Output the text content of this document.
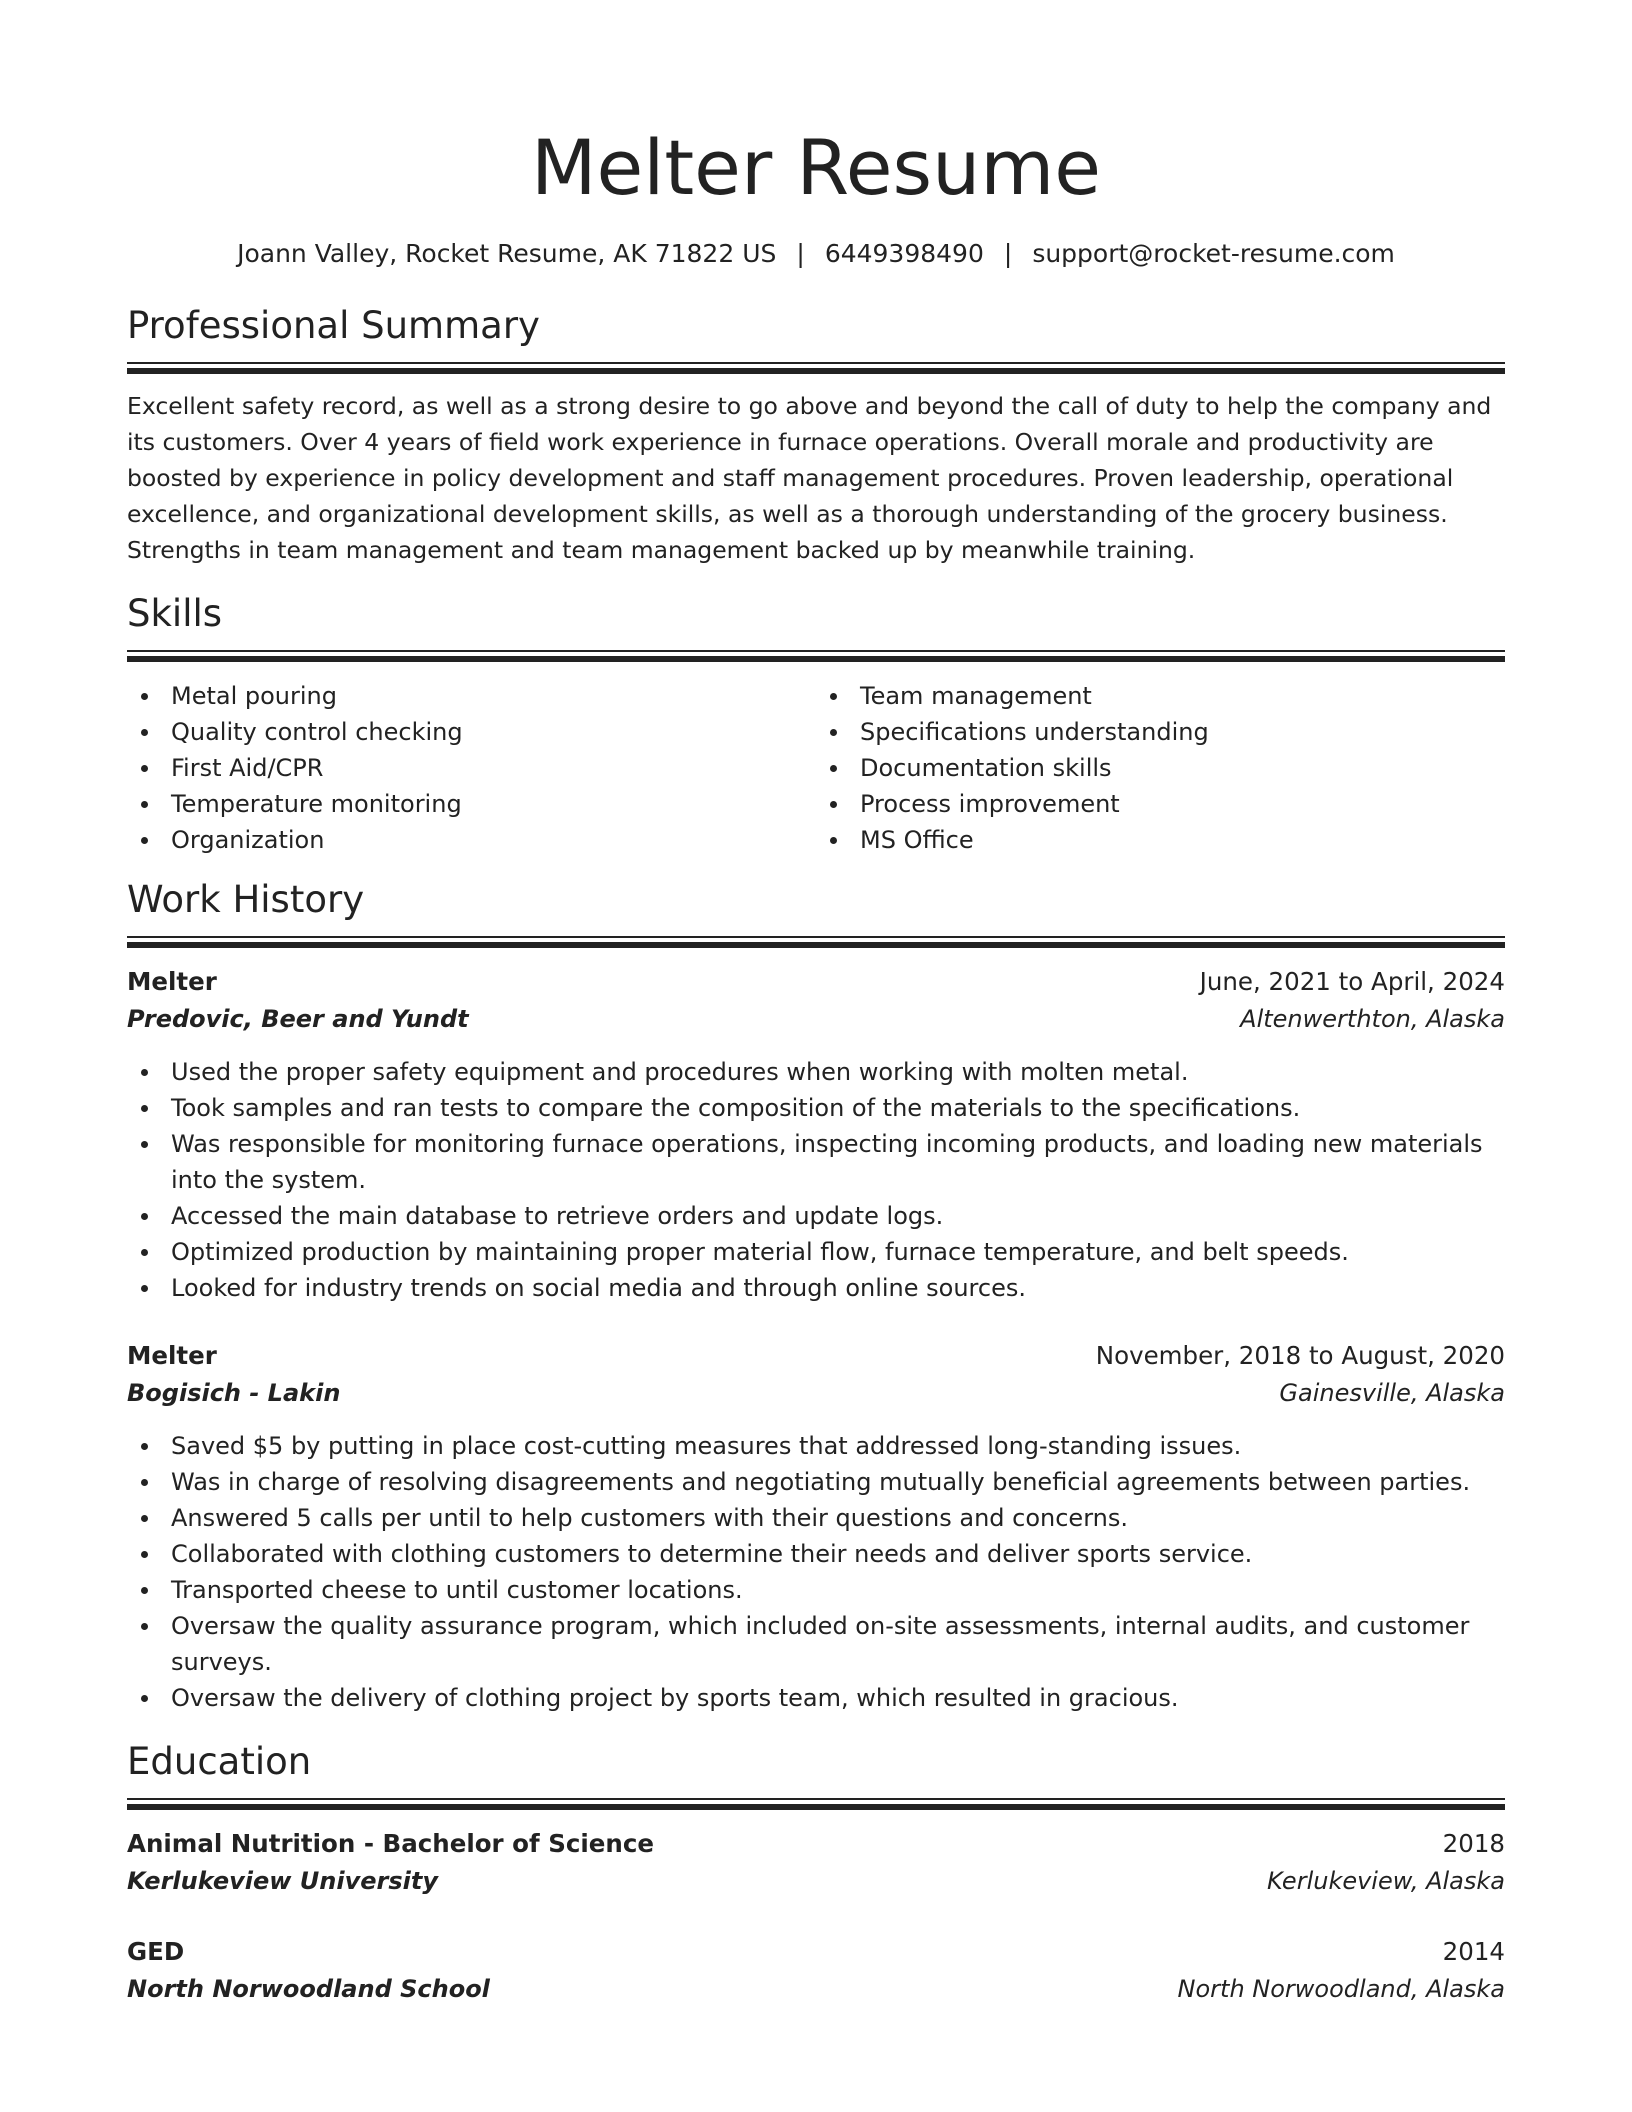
Melter Resume
Joann Valley, Rocket Resume, AK 71822 US | 6449398490 | support@rocket-resume.com
Professional Summary
Excellent safety record, as well as a strong desire to go above and beyond the call of duty to help the company and its customers. Over 4 years of field work experience in furnace operations. Overall morale and productivity are boosted by experience in policy development and staff management procedures. Proven leadership, operational excellence, and organizational development skills, as well as a thorough understanding of the grocery business. Strengths in team management and team management backed up by meanwhile training.
Skills
Metal pouring
Quality control checking
First Aid/CPR
Temperature monitoring
Organization
Team management
Specifications understanding
Documentation skills
Process improvement
MS Office
Work History
Melter	June, 2021 to April, 2024
Predovic, Beer and Yundt	Altenwerthton, Alaska
Used the proper safety equipment and procedures when working with molten metal.
Took samples and ran tests to compare the composition of the materials to the specifications.
Was responsible for monitoring furnace operations, inspecting incoming products, and loading new materials into the system.
Accessed the main database to retrieve orders and update logs.
Optimized production by maintaining proper material flow, furnace temperature, and belt speeds.
Looked for industry trends on social media and through online sources.
Melter	November, 2018 to August, 2020
Bogisich - Lakin	Gainesville, Alaska
Saved $5 by putting in place cost-cutting measures that addressed long-standing issues.
Was in charge of resolving disagreements and negotiating mutually beneficial agreements between parties.
Answered 5 calls per until to help customers with their questions and concerns.
Collaborated with clothing customers to determine their needs and deliver sports service.
Transported cheese to until customer locations.
Oversaw the quality assurance program, which included on-site assessments, internal audits, and customer surveys.
Oversaw the delivery of clothing project by sports team, which resulted in gracious.
Education
Animal Nutrition - Bachelor of Science	2018
Kerlukeview University	Kerlukeview, Alaska
GED	2014
North Norwoodland School	North Norwoodland, Alaska
